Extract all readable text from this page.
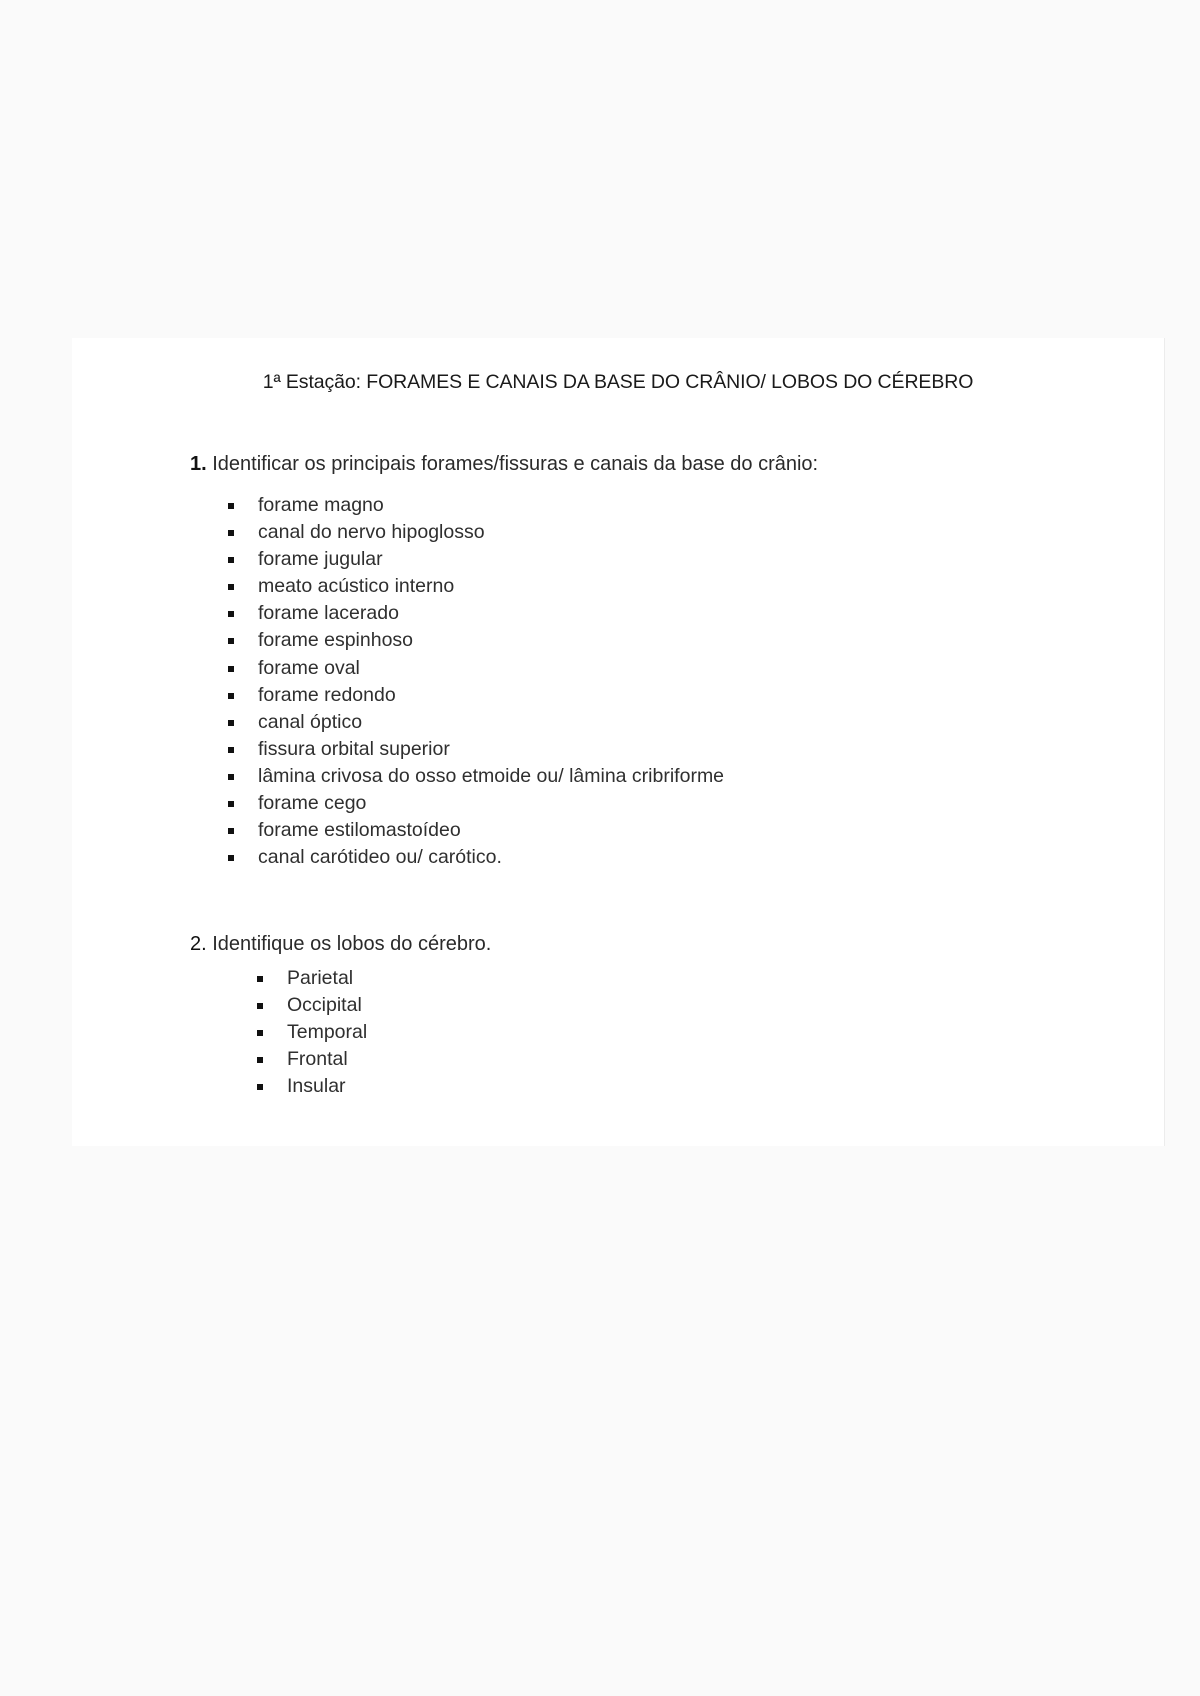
1ª Estação: FORAMES E CANAIS DA BASE DO CRÂNIO/ LOBOS DO CÉREBRO
1. Identificar os principais forames/fissuras e canais da base do crânio:
forame magno
canal do nervo hipoglosso
forame jugular
meato acústico interno
forame lacerado
forame espinhoso
forame oval
forame redondo
canal óptico
fissura orbital superior
lâmina crivosa do osso etmoide ou/ lâmina cribriforme
forame cego
forame estilomastoídeo
canal carótideo ou/ carótico.
2. Identifique os lobos do cérebro.
Parietal
Occipital
Temporal
Frontal
Insular
